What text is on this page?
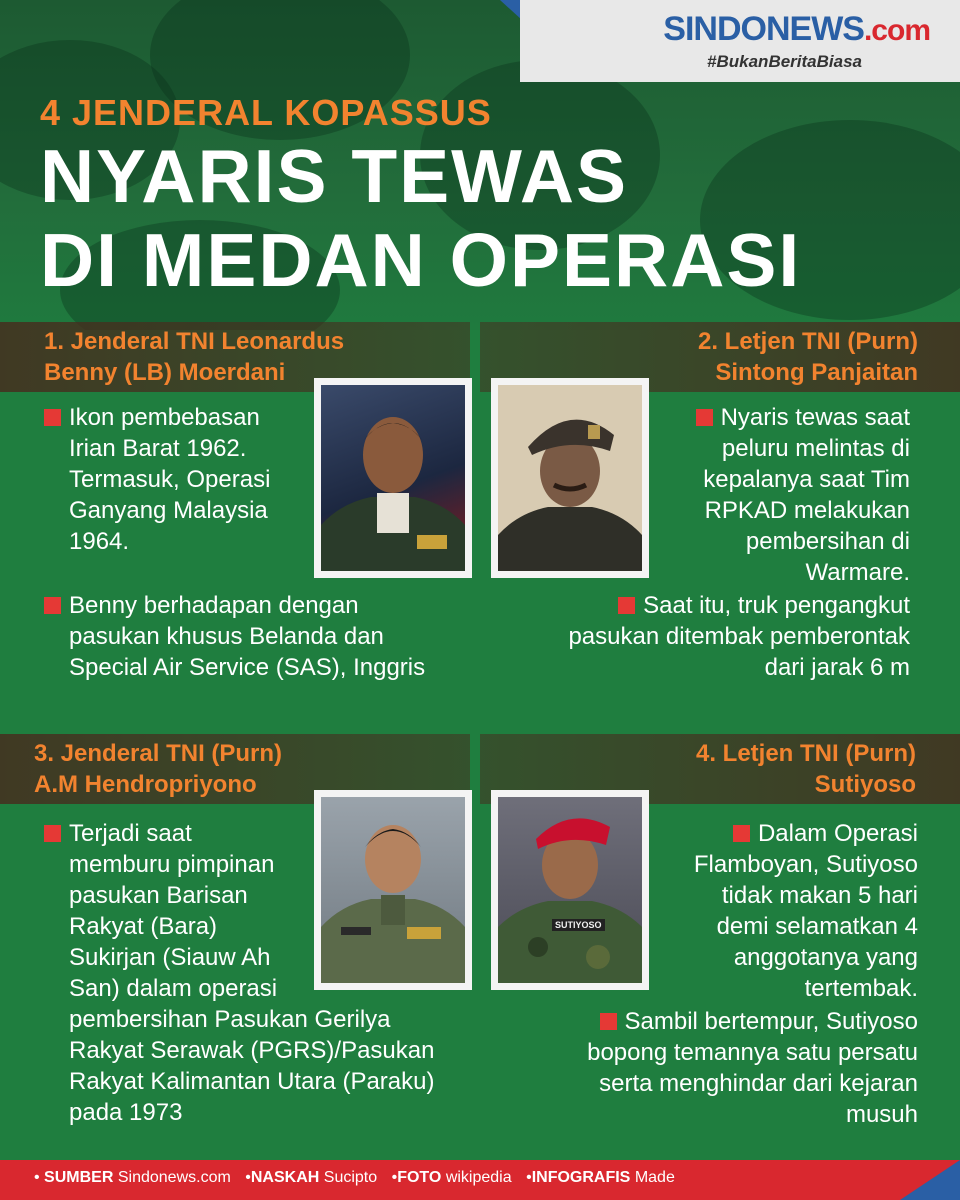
SINDONEWS.com
#BukanBeritaBiasa
4 JENDERAL KOPASSUS
NYARIS TEWAS
DI MEDAN OPERASI
1. Jenderal TNI Leonardus
Benny (LB) Moerdani
2. Letjen TNI (Purn)
Sintong Panjaitan
3. Jenderal TNI (Purn)
A.M Hendropriyono
4. Letjen TNI (Purn)
Sutiyoso
SUTIYOSO
Ikon pembebasan
Irian Barat 1962.
Termasuk, Operasi
Ganyang Malaysia
1964.
Benny berhadapan dengan
pasukan khusus Belanda dan
Special Air Service (SAS), Inggris
Nyaris tewas saat
peluru melintas di
kepalanya saat Tim
RPKAD melakukan
pembersihan di
Warmare.
Saat itu, truk pengangkut
pasukan ditembak pemberontak
dari jarak 6 m
Terjadi saat
memburu pimpinan
pasukan Barisan
Rakyat (Bara)
Sukirjan (Siauw Ah
San) dalam operasi
pembersihan Pasukan Gerilya
Rakyat Serawak (PGRS)/Pasukan
Rakyat Kalimantan Utara (Paraku)
pada 1973
Dalam Operasi
Flamboyan, Sutiyoso
tidak makan 5 hari
demi selamatkan 4
anggotanya yang
tertembak.
Sambil bertempur, Sutiyoso
bopong temannya satu persatu
serta menghindar dari kejaran
musuh
• SUMBER Sindonews.com •NASKAH Sucipto •FOTO wikipedia •INFOGRAFIS Made
